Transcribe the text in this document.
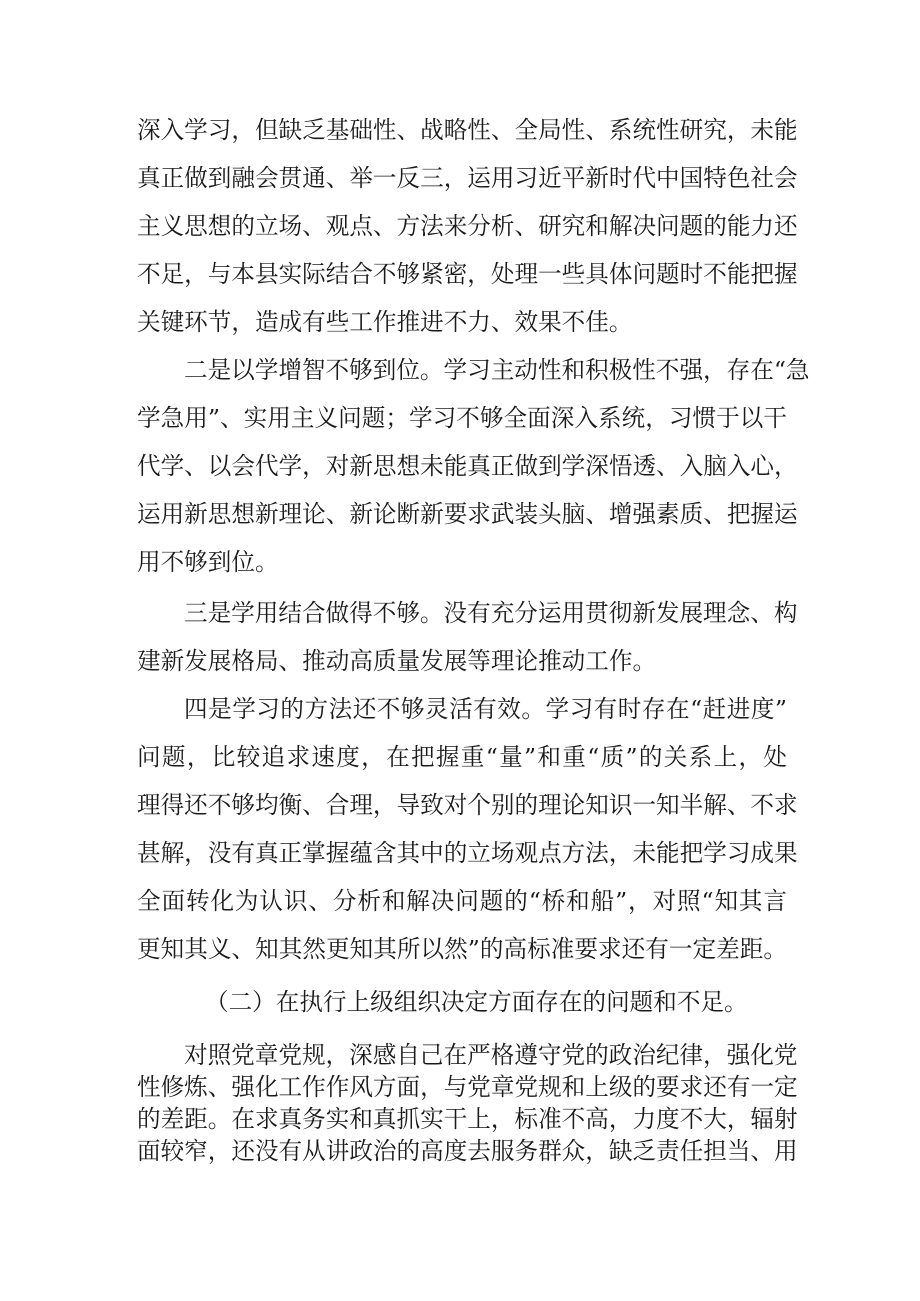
深入学习，但缺乏基础性、战略性、全局性、系统性研究，未能
真正做到融会贯通、举一反三，运用习近平新时代中国特色社会
主义思想的立场、观点、方法来分析、研究和解决问题的能力还
不足，与本县实际结合不够紧密，处理一些具体问题时不能把握
关键环节，造成有些工作推进不力、效果不佳。
二是以学增智不够到位。学习主动性和积极性不强，存在“急
学急用”、实用主义问题；学习不够全面深入系统，习惯于以干
代学、以会代学，对新思想未能真正做到学深悟透、入脑入心，
运用新思想新理论、新论断新要求武装头脑、增强素质、把握运
用不够到位。
三是学用结合做得不够。没有充分运用贯彻新发展理念、构
建新发展格局、推动高质量发展等理论推动工作。
四是学习的方法还不够灵活有效。学习有时存在“赶进度”
问题，比较追求速度，在把握重“量”和重“质”的关系上，处
理得还不够均衡、合理，导致对个别的理论知识一知半解、不求
甚解，没有真正掌握蕴含其中的立场观点方法，未能把学习成果
全面转化为认识、分析和解决问题的“桥和船”，对照“知其言
更知其义、知其然更知其所以然”的高标准要求还有一定差距。
（二）在执行上级组织决定方面存在的问题和不足。
对照党章党规，深感自己在严格遵守党的政治纪律，强化党
性修炼、强化工作作风方面，与党章党规和上级的要求还有一定
的差距。在求真务实和真抓实干上，标准不高，力度不大，辐射
面较窄，还没有从讲政治的高度去服务群众，缺乏责任担当、用
